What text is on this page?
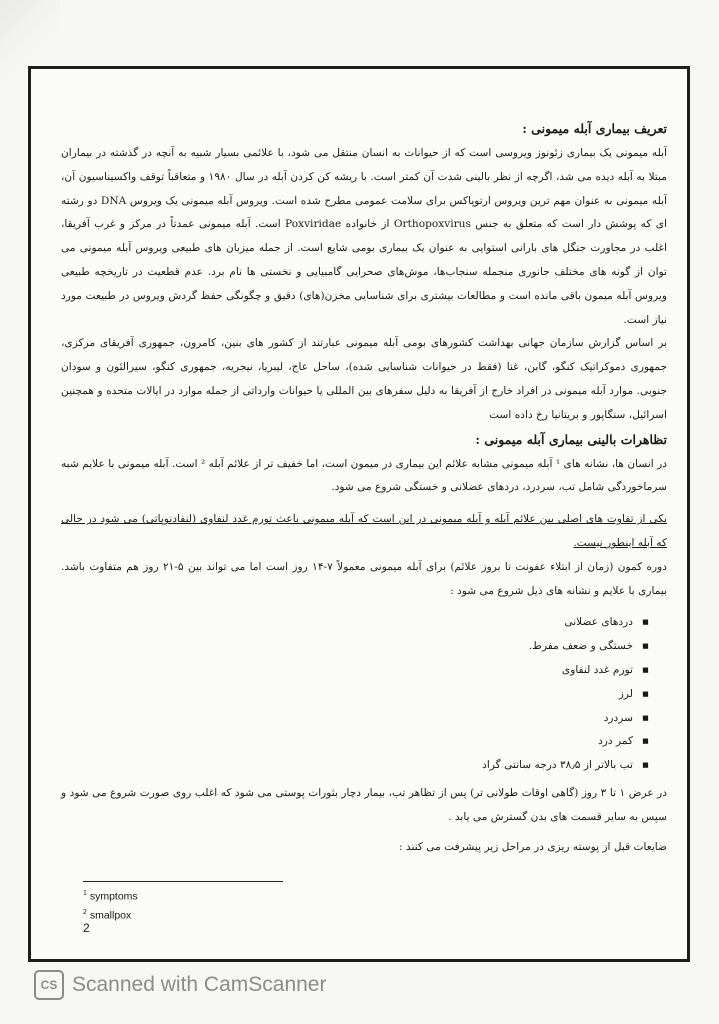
تعریف بیماری آبله میمونی :

آبله میمونی یک بیماری زئونوز ویروسی است که از حیوانات به انسان منتقل می شود، با علائمی بسیار شبیه به آنچه در گذشته در بیماران مبتلا به آبله دیده می شد، اگرچه از نظر بالینی شدت آن کمتر است. با ریشه کن کردن آبله در سال ۱۹۸۰ و متعاقباً توقف واکسیناسیون آن، آبله میمونی به عنوان مهم ترین ویروس ارتوپاکس برای سلامت عمومی مطرح شده است. ویروس آبله میمونی یک ویروس DNA دو رشته ای که پوشش دار است که متعلق به جنس Orthopoxvirus از خانواده Poxviridae است. آبله میمونی عمدتاً در مرکز و غرب آفریقا، اغلب در مجاورت جنگل های بارانی استوایی به عنوان یک بیماری بومی شایع است. از جمله میزبان های طبیعی ویروس آبله میمونی می توان از گونه های مختلف جانوری منجمله سنجاب‌ها، موش‌های صحرایی گامبیایی و نخستی ها نام برد. عدم قطعیت در تاریخچه طبیعی ویروس آبله میمون باقی مانده است و مطالعات بیشتری برای شناسایی مخزن(های) دقیق و چگونگی حفظ گردش ویروس در طبیعت مورد نیاز است.

بر اساس گزارش سازمان جهانی بهداشت کشورهای بومی آبله میمونی عبارتند از کشور های بنین، کامرون، جمهوری آفریقای مرکزی، جمهوری دموکراتیک کنگو، گابن، غنا (فقط در حیوانات شناسایی شده)، ساحل عاج، لیبریا، نیجریه، جمهوری کنگو، سیرالئون و سودان جنوبی. موارد آبله میمونی در افراد خارج از آفریقا به دلیل سفرهای بین المللی یا حیوانات وارداتی از جمله موارد در ایالات متحده و همچنین اسرائیل، سنگاپور و بریتانیا رخ داده است

تظاهرات بالینی بیماری آبله میمونی :

در انسان ها، نشانه های ¹ آبله میمونی مشابه علائم این بیماری در میمون است، اما خفیف تر از علائم آبله ² است. آبله میمونی با علایم شبه سرماخوردگی شامل تب، سردرد، دردهای عضلانی و خستگی شروع می شود.

یکی از تفاوت های اصلی بین علائم آبله و آبله میمونی در این است که آبله میمونی باعث تورم غدد لنفاوی (لنفادنوپاتی) می شود در حالی که آبله اینطور نیست.

دوره کمون (زمان از ابتلاء عفونت تا بروز علائم) برای آبله میمونی معمولاً ۷-۱۴ روز است اما می تواند بین ۵-۲۱ روز هم متفاوت باشد. بیماری با علایم و نشانه های ذیل شروع می شود :

▪ دردهای عضلانی
▪ خستگی و ضعف مفرط.
▪ تورم غدد لنفاوی
▪ لرز
▪ سردرد
▪ کمر درد
▪ تب بالاتر از ۳۸٫۵ درجه سانتی گراد

در عرض ۱ تا ۳ روز (گاهی اوقات طولانی تر) پس از تظاهر تب، بیمار دچار بثورات پوستی می شود که اغلب روی صورت شروع می شود و سپس به سایر قسمت های بدن گسترش می یابد .

ضایعات قبل از پوسته ریزی در مراحل زیر پیشرفت می کنند :

$^1$ symptoms
$^2$ smallpox
2
CS Scanned with CamScanner
